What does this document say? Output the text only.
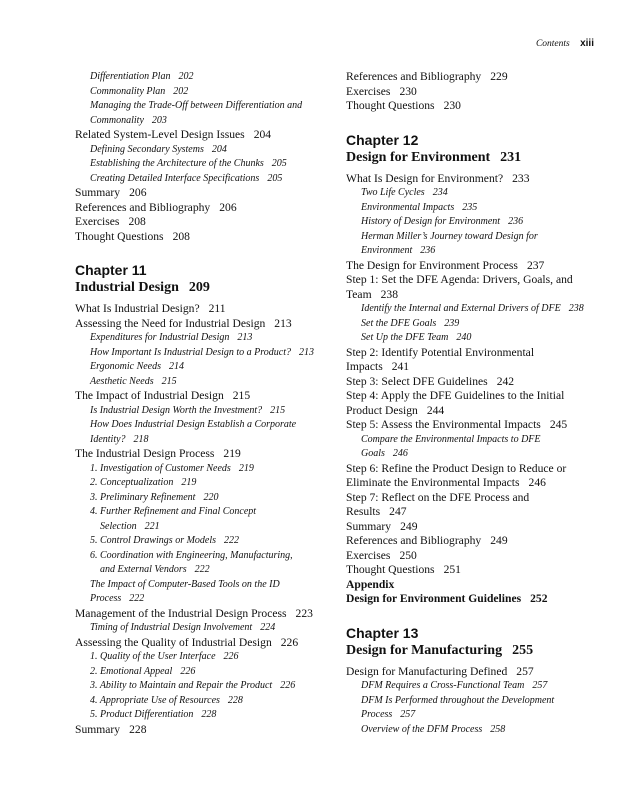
Contents xiii
Differentiation Plan 202
Commonality Plan 202
Managing the Trade-Off between Differentiation and
Commonality 203
Related System-Level Design Issues 204
Defining Secondary Systems 204
Establishing the Architecture of the Chunks 205
Creating Detailed Interface Specifications 205
Summary 206
References and Bibliography 206
Exercises 208
Thought Questions 208
Chapter 11
Industrial Design 209
What Is Industrial Design? 211
Assessing the Need for Industrial Design 213
Expenditures for Industrial Design 213
How Important Is Industrial Design to a Product? 213
Ergonomic Needs 214
Aesthetic Needs 215
The Impact of Industrial Design 215
Is Industrial Design Worth the Investment? 215
How Does Industrial Design Establish a Corporate
Identity? 218
The Industrial Design Process 219
1. Investigation of Customer Needs 219
2. Conceptualization 219
3. Preliminary Refinement 220
4. Further Refinement and Final Concept
Selection 221
5. Control Drawings or Models 222
6. Coordination with Engineering, Manufacturing,
and External Vendors 222
The Impact of Computer-Based Tools on the ID
Process 222
Management of the Industrial Design Process 223
Timing of Industrial Design Involvement 224
Assessing the Quality of Industrial Design 226
1. Quality of the User Interface 226
2. Emotional Appeal 226
3. Ability to Maintain and Repair the Product 226
4. Appropriate Use of Resources 228
5. Product Differentiation 228
Summary 228
References and Bibliography 229
Exercises 230
Thought Questions 230
Chapter 12
Design for Environment 231
What Is Design for Environment? 233
Two Life Cycles 234
Environmental Impacts 235
History of Design for Environment 236
Herman Miller’s Journey toward Design for
Environment 236
The Design for Environment Process 237
Step 1: Set the DFE Agenda: Drivers, Goals, and
Team 238
Identify the Internal and External Drivers of DFE 238
Set the DFE Goals 239
Set Up the DFE Team 240
Step 2: Identify Potential Environmental
Impacts 241
Step 3: Select DFE Guidelines 242
Step 4: Apply the DFE Guidelines to the Initial
Product Design 244
Step 5: Assess the Environmental Impacts 245
Compare the Environmental Impacts to DFE
Goals 246
Step 6: Refine the Product Design to Reduce or
Eliminate the Environmental Impacts 246
Step 7: Reflect on the DFE Process and
Results 247
Summary 249
References and Bibliography 249
Exercises 250
Thought Questions 251
Appendix
Design for Environment Guidelines 252
Chapter 13
Design for Manufacturing 255
Design for Manufacturing Defined 257
DFM Requires a Cross-Functional Team 257
DFM Is Performed throughout the Development
Process 257
Overview of the DFM Process 258
